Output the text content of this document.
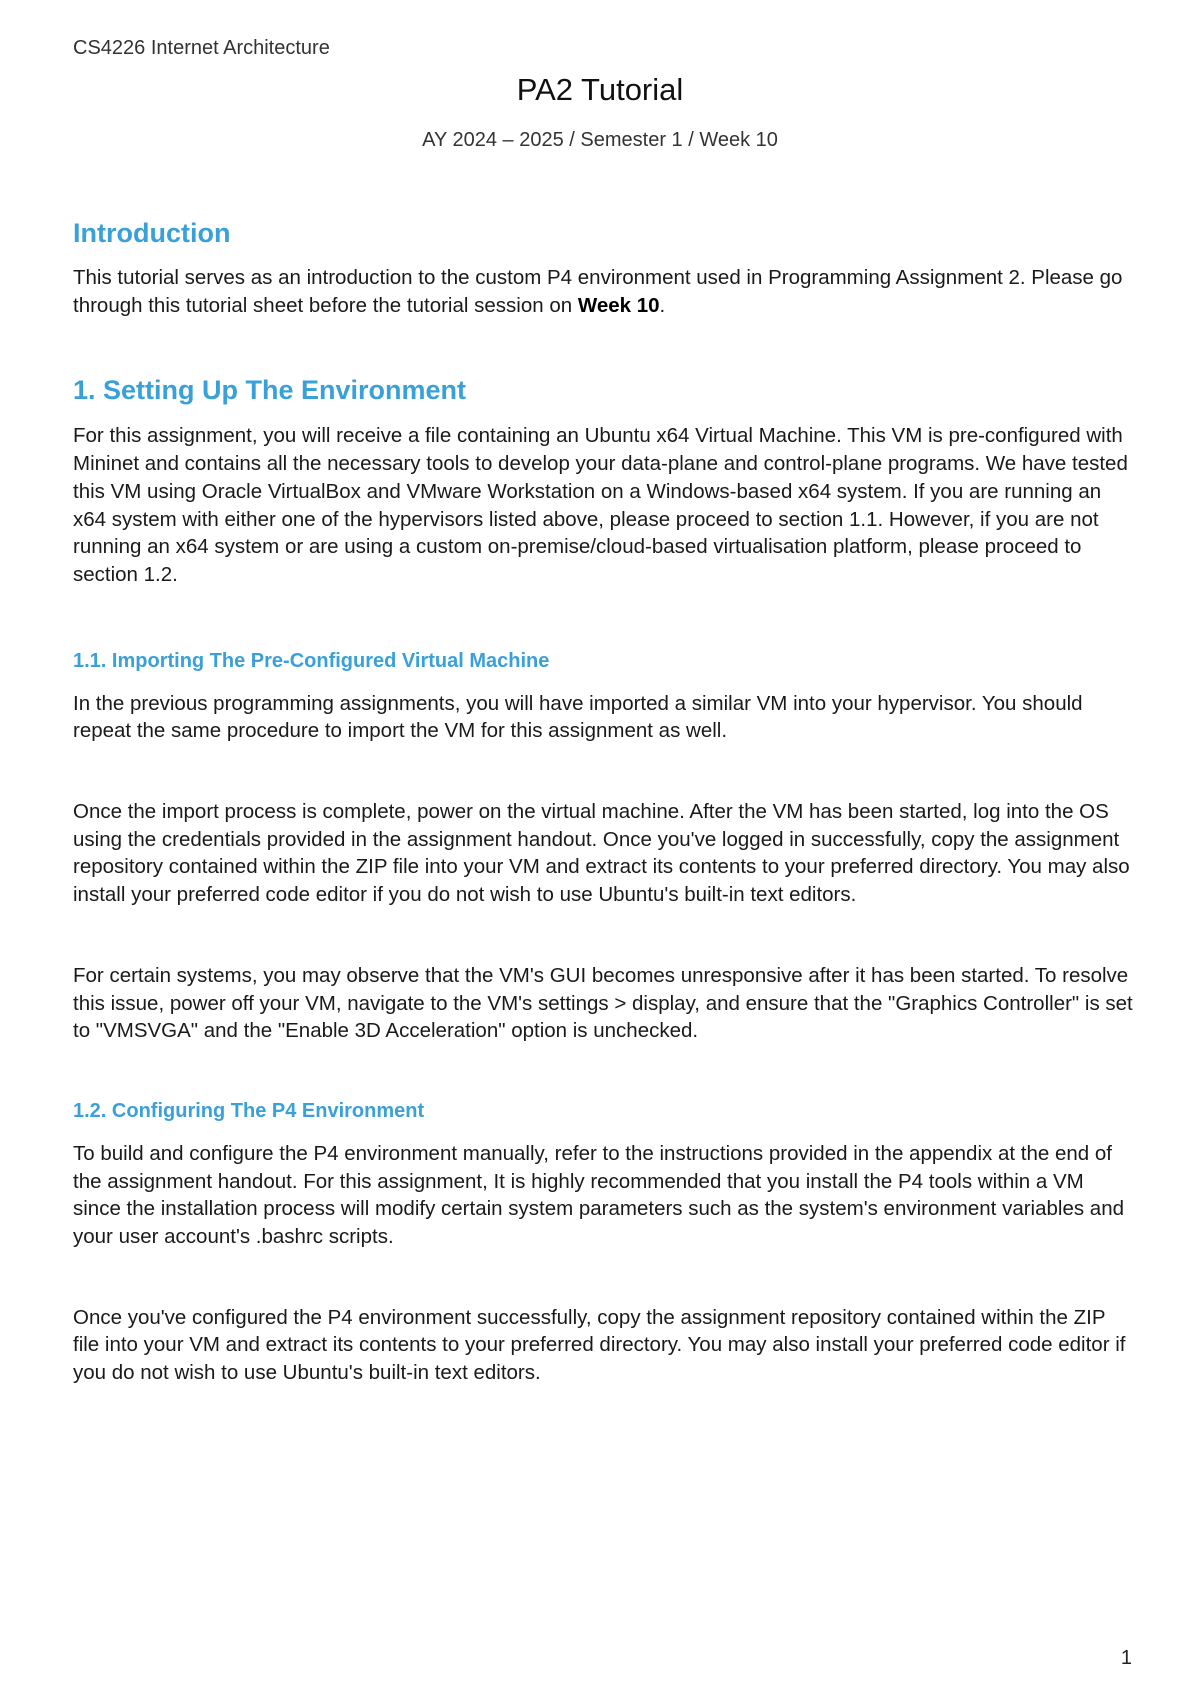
CS4226 Internet Architecture
PA2 Tutorial
AY 2024 – 2025 / Semester 1 / Week 10
Introduction

This tutorial serves as an introduction to the custom P4 environment used in Programming Assignment 2. Please go through this tutorial sheet before the tutorial session on Week 10.

1. Setting Up The Environment

For this assignment, you will receive a file containing an Ubuntu x64 Virtual Machine. This VM is pre-configured with Mininet and contains all the necessary tools to develop your data-plane and control-plane programs. We have tested this VM using Oracle VirtualBox and VMware Workstation on a Windows-based x64 system. If you are running an x64 system with either one of the hypervisors listed above, please proceed to section 1.1. However, if you are not running an x64 system or are using a custom on-premise/cloud-based virtualisation platform, please proceed to section 1.2.

1.1. Importing The Pre-Configured Virtual Machine

In the previous programming assignments, you will have imported a similar VM into your hypervisor. You should repeat the same procedure to import the VM for this assignment as well.

Once the import process is complete, power on the virtual machine. After the VM has been started, log into the OS using the credentials provided in the assignment handout. Once you've logged in successfully, copy the assignment repository contained within the ZIP file into your VM and extract its contents to your preferred directory. You may also install your preferred code editor if you do not wish to use Ubuntu's built-in text editors.

For certain systems, you may observe that the VM's GUI becomes unresponsive after it has been started. To resolve this issue, power off your VM, navigate to the VM's settings > display, and ensure that the "Graphics Controller" is set to "VMSVGA" and the "Enable 3D Acceleration" option is unchecked.

1.2. Configuring The P4 Environment

To build and configure the P4 environment manually, refer to the instructions provided in the appendix at the end of the assignment handout. For this assignment, It is highly recommended that you install the P4 tools within a VM since the installation process will modify certain system parameters such as the system's environment variables and your user account's .bashrc scripts.

Once you've configured the P4 environment successfully, copy the assignment repository contained within the ZIP file into your VM and extract its contents to your preferred directory. You may also install your preferred code editor if you do not wish to use Ubuntu's built-in text editors.

1
